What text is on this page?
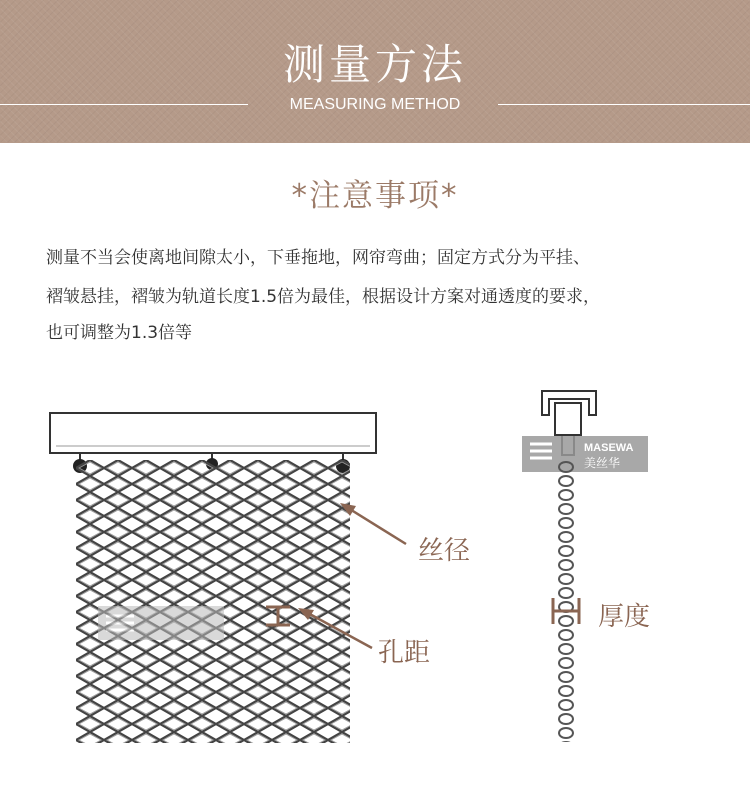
测量方法
MEASURING METHOD
*注意事项*
测量不当会使离地间隙太小，下垂拖地，网帘弯曲；固定方式分为平挂、
褶皱悬挂，褶皱为轨道长度1.5倍为最佳，根据设计方案对通透度的要求，
也可调整为1.3倍等
MASEWA
美丝华
丝径
孔距
厚度
